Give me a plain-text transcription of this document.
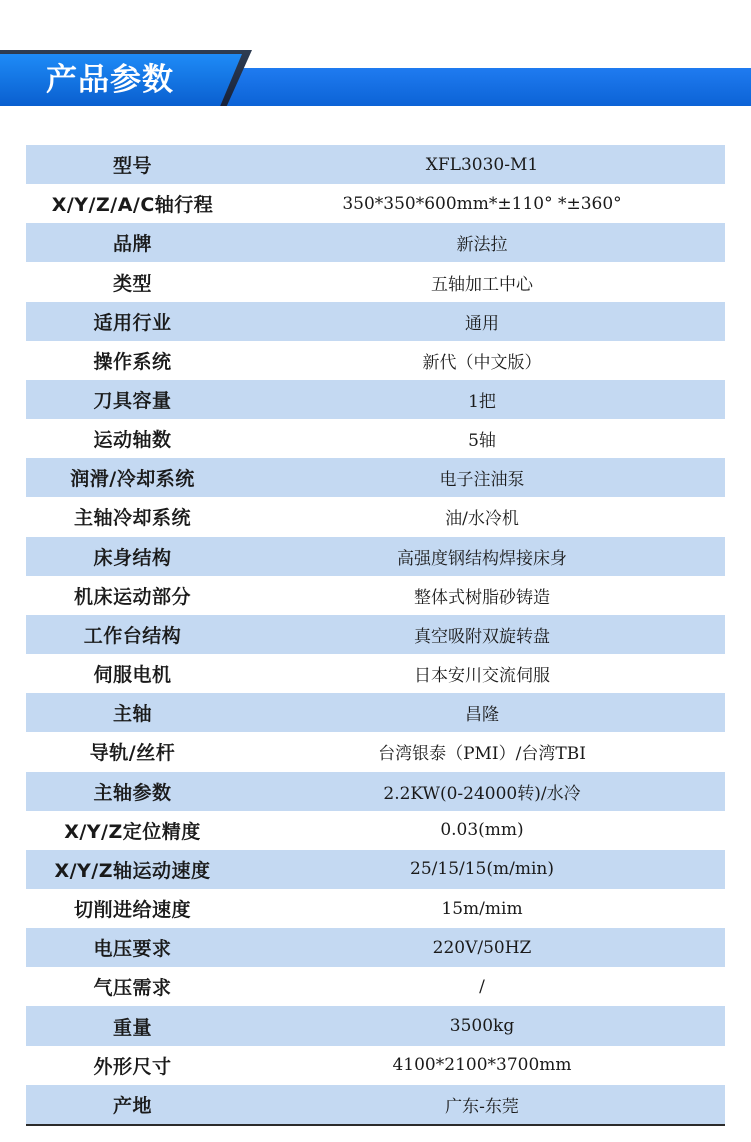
产品参数
型号	XFL3030-M1
X/Y/Z/A/C轴行程	350*350*600mm*±110° *±360°
品牌	新法拉
类型	五轴加工中心
适用行业	通用
操作系统	新代（中文版）
刀具容量	1把
运动轴数	5轴
润滑/冷却系统	电子注油泵
主轴冷却系统	油/水冷机
床身结构	高强度钢结构焊接床身
机床运动部分	整体式树脂砂铸造
工作台结构	真空吸附双旋转盘
伺服电机	日本安川交流伺服
主轴	昌隆
导轨/丝杆	台湾银泰（PMI）/台湾TBI
主轴参数	2.2KW(0-24000转)/水冷
X/Y/Z定位精度	0.03(mm)
X/Y/Z轴运动速度	25/15/15(m/min)
切削进给速度	15m/mim
电压要求	220V/50HZ
气压需求	/
重量	3500kg
外形尺寸	4100*2100*3700mm
产地	广东-东莞
